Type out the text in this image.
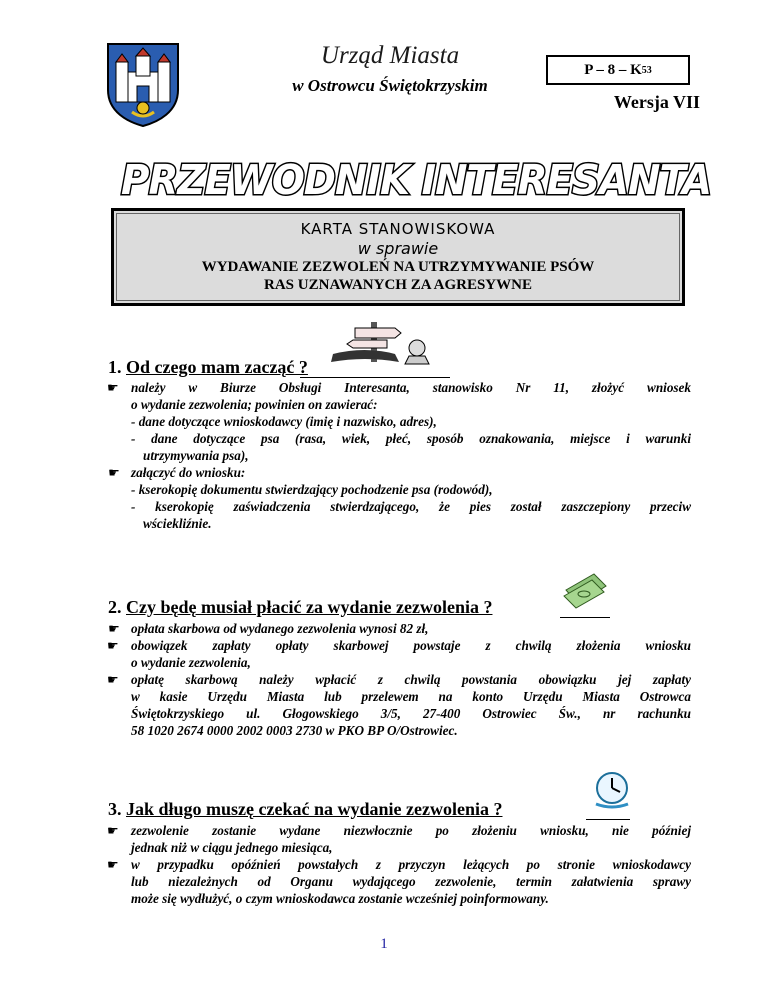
Urząd Miasta
w Ostrowcu Świętokrzyskim
P – 8 – K 53
Wersja VII
PRZEWODNIK INTERESANTA
KARTA STANOWISKOWA
w sprawie
WYDAWANIE ZEZWOLEŃ NA UTRZYMYWANIE PSÓW
RAS UZNAWANYCH ZA AGRESYWNE
1. Od czego mam zacząć ?
☛ należy w Biurze Obsługi Interesanta, stanowisko Nr 11, złożyć wniosek
o wydanie zezwolenia; powinien on zawierać:
- dane dotyczące wnioskodawcy (imię i nazwisko, adres),
- dane dotyczące psa (rasa, wiek, płeć, sposób oznakowania, miejsce i warunki
utrzymywania psa),
☛ załączyć do wniosku:
- kserokopię dokumentu stwierdzający pochodzenie psa (rodowód),
- kserokopię zaświadczenia stwierdzającego, że pies został zaszczepiony przeciw
wściekliźnie.
2. Czy będę musiał płacić za wydanie zezwolenia ?
☛ opłata skarbowa od wydanego zezwolenia wynosi 82 zł,
☛ obowiązek zapłaty opłaty skarbowej powstaje z chwilą złożenia wniosku
o wydanie zezwolenia,
☛ opłatę skarbową należy wpłacić z chwilą powstania obowiązku jej zapłaty
w kasie Urzędu Miasta lub przelewem na konto Urzędu Miasta Ostrowca
Świętokrzyskiego ul. Głogowskiego 3/5, 27-400 Ostrowiec Św., nr rachunku
58 1020 2674 0000 2002 0003 2730 w PKO BP O/Ostrowiec.
3. Jak długo muszę czekać na wydanie zezwolenia ?
☛ zezwolenie zostanie wydane niezwłocznie po złożeniu wniosku, nie później
jednak niż w ciągu jednego miesiąca,
☛ w przypadku opóźnień powstałych z przyczyn leżących po stronie wnioskodawcy
lub niezależnych od Organu wydającego zezwolenie, termin załatwienia sprawy
może się wydłużyć, o czym wnioskodawca zostanie wcześniej poinformowany.
1
